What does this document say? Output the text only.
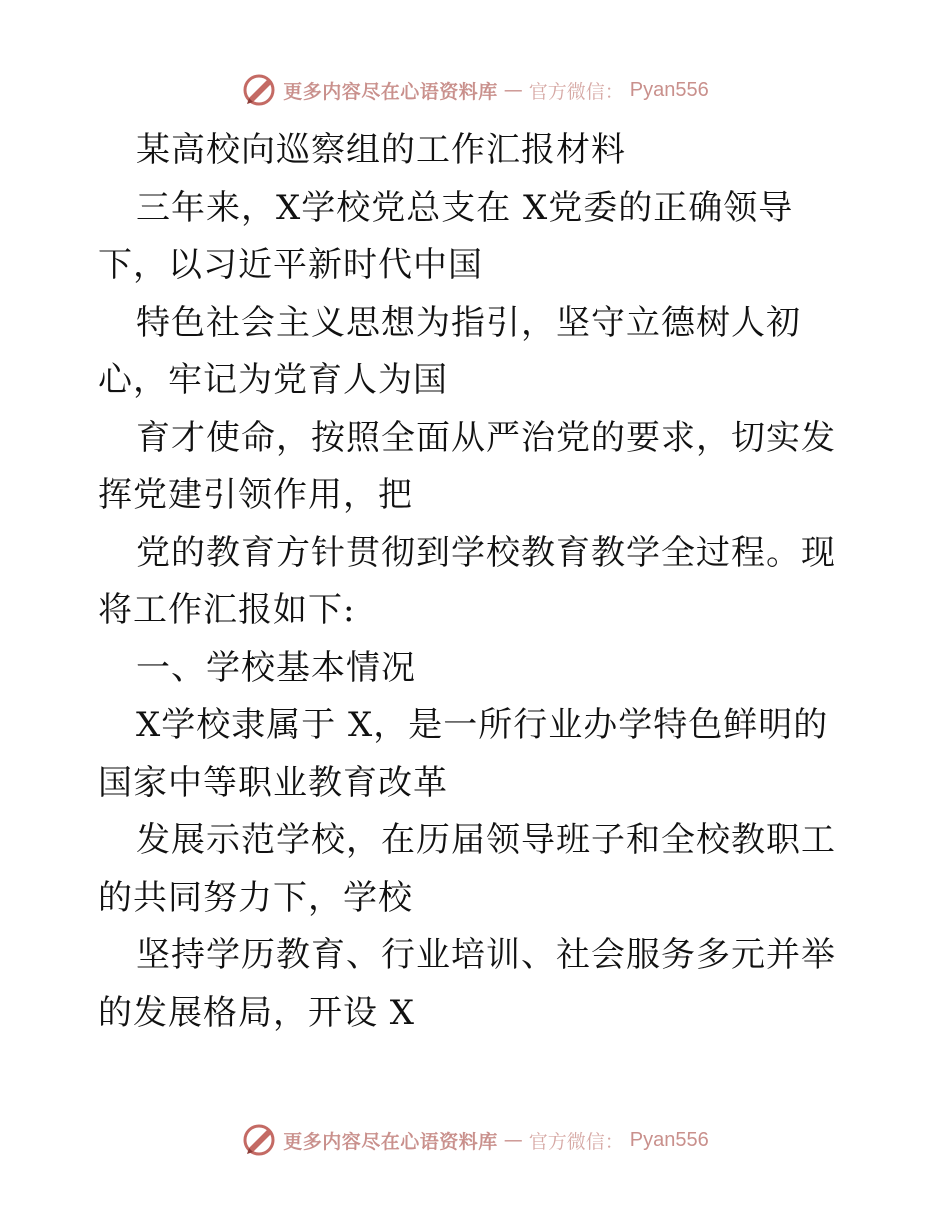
更多内容尽在心语资料库 — 官方微信： Pyan556

某高校向巡察组的工作汇报材料

三年来，X学校党总支在 X党委的正确领导下，以习近平新时代中国

特色社会主义思想为指引，坚守立德树人初心，牢记为党育人为国

育才使命，按照全面从严治党的要求，切实发挥党建引领作用，把

党的教育方针贯彻到学校教育教学全过程。现将工作汇报如下:

一、学校基本情况

X学校隶属于 X，是一所行业办学特色鲜明的国家中等职业教育改革

发展示范学校，在历届领导班子和全校教职工的共同努力下，学校

坚持学历教育、行业培训、社会服务多元并举的发展格局，开设 X

更多内容尽在心语资料库 — 官方微信： Pyan556
